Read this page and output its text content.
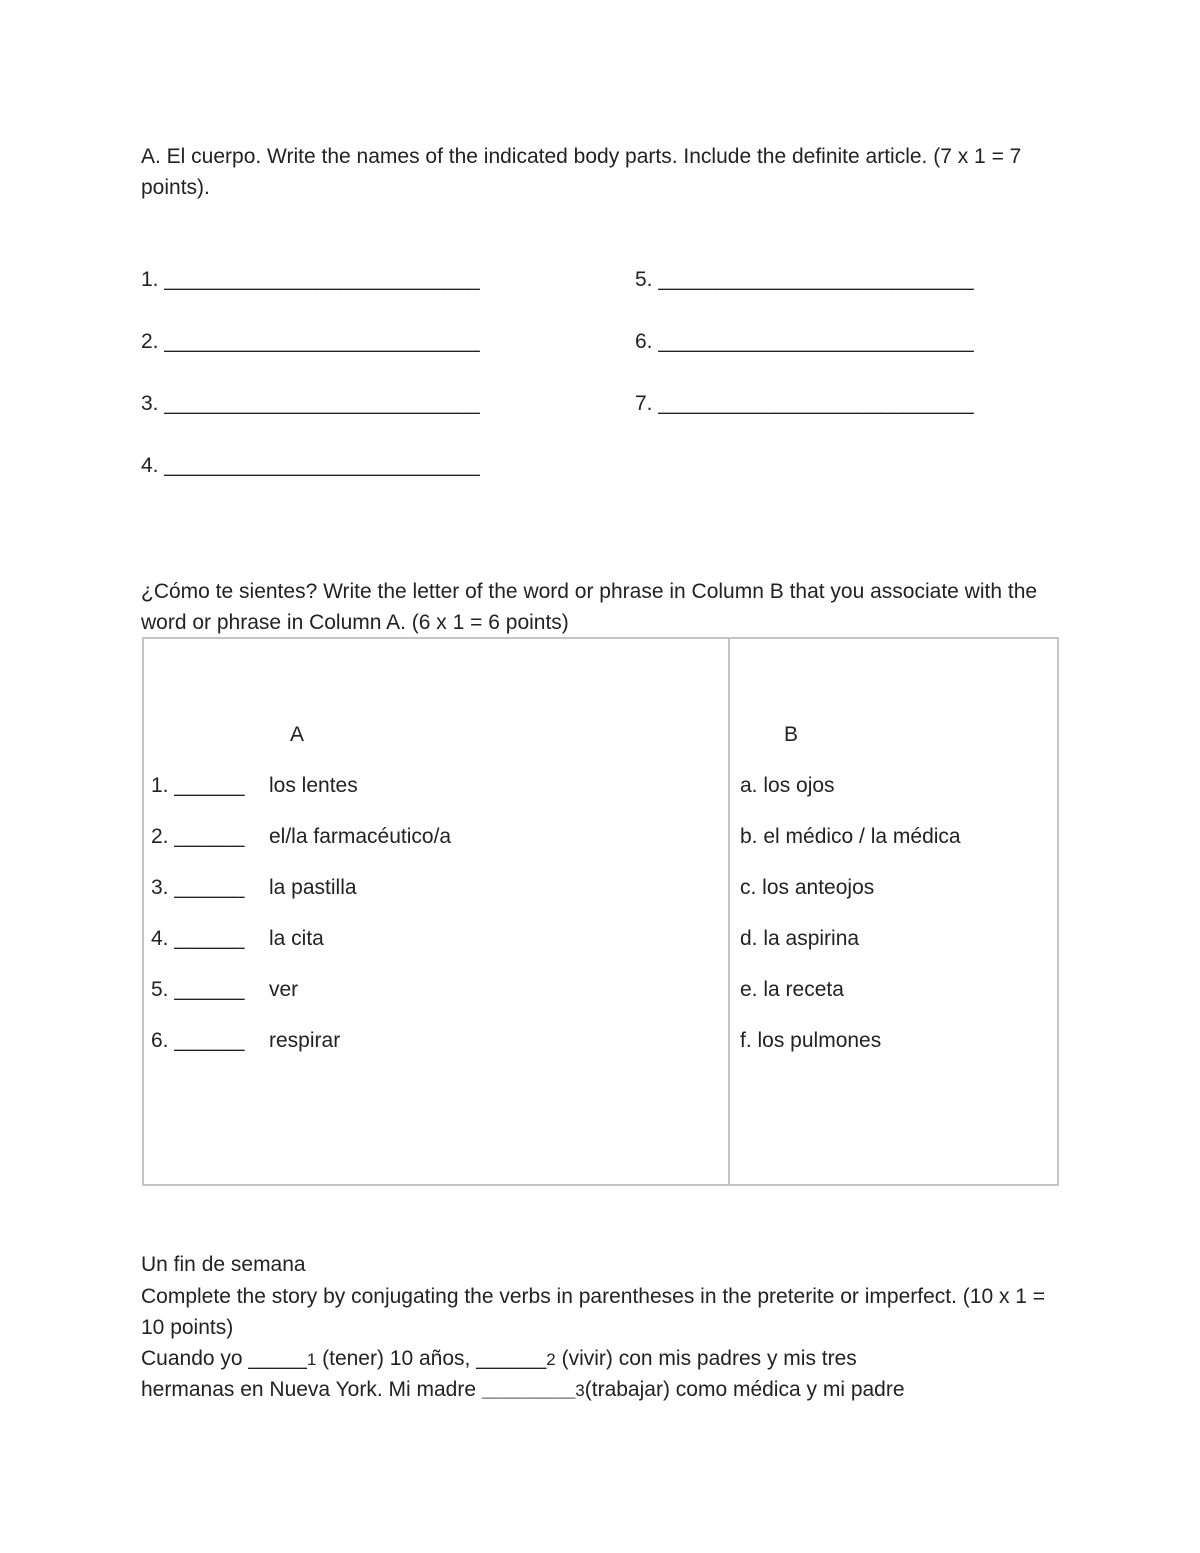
A. El cuerpo. Write the names of the indicated body parts. Include the definite article. (7 x 1 = 7 points).
1. ___________________________
2. ___________________________
3. ___________________________
4. ___________________________
5. ___________________________
6. ___________________________
7. ___________________________
¿Cómo te sientes? Write the letter of the word or phrase in Column B that you associate with the word or phrase in Column A. (6 x 1 = 6 points)
A	B
1. ______ los lentes
2. ______ el/la farmacéutico/a
3. ______ la pastilla
4. ______ la cita
5. ______ ver
6. ______ respirar
a. los ojos
b. el médico / la médica
c. los anteojos
d. la aspirina
e. la receta
f. los pulmones
Un fin de semana
Complete the story by conjugating the verbs in parentheses in the preterite or imperfect. (10 x 1 = 10 points)
Cuando yo _____1 (tener) 10 años, ______2 (vivir) con mis padres y mis tres
hermanas en Nueva York. Mi madre ________3(trabajar) como médica y mi padre
